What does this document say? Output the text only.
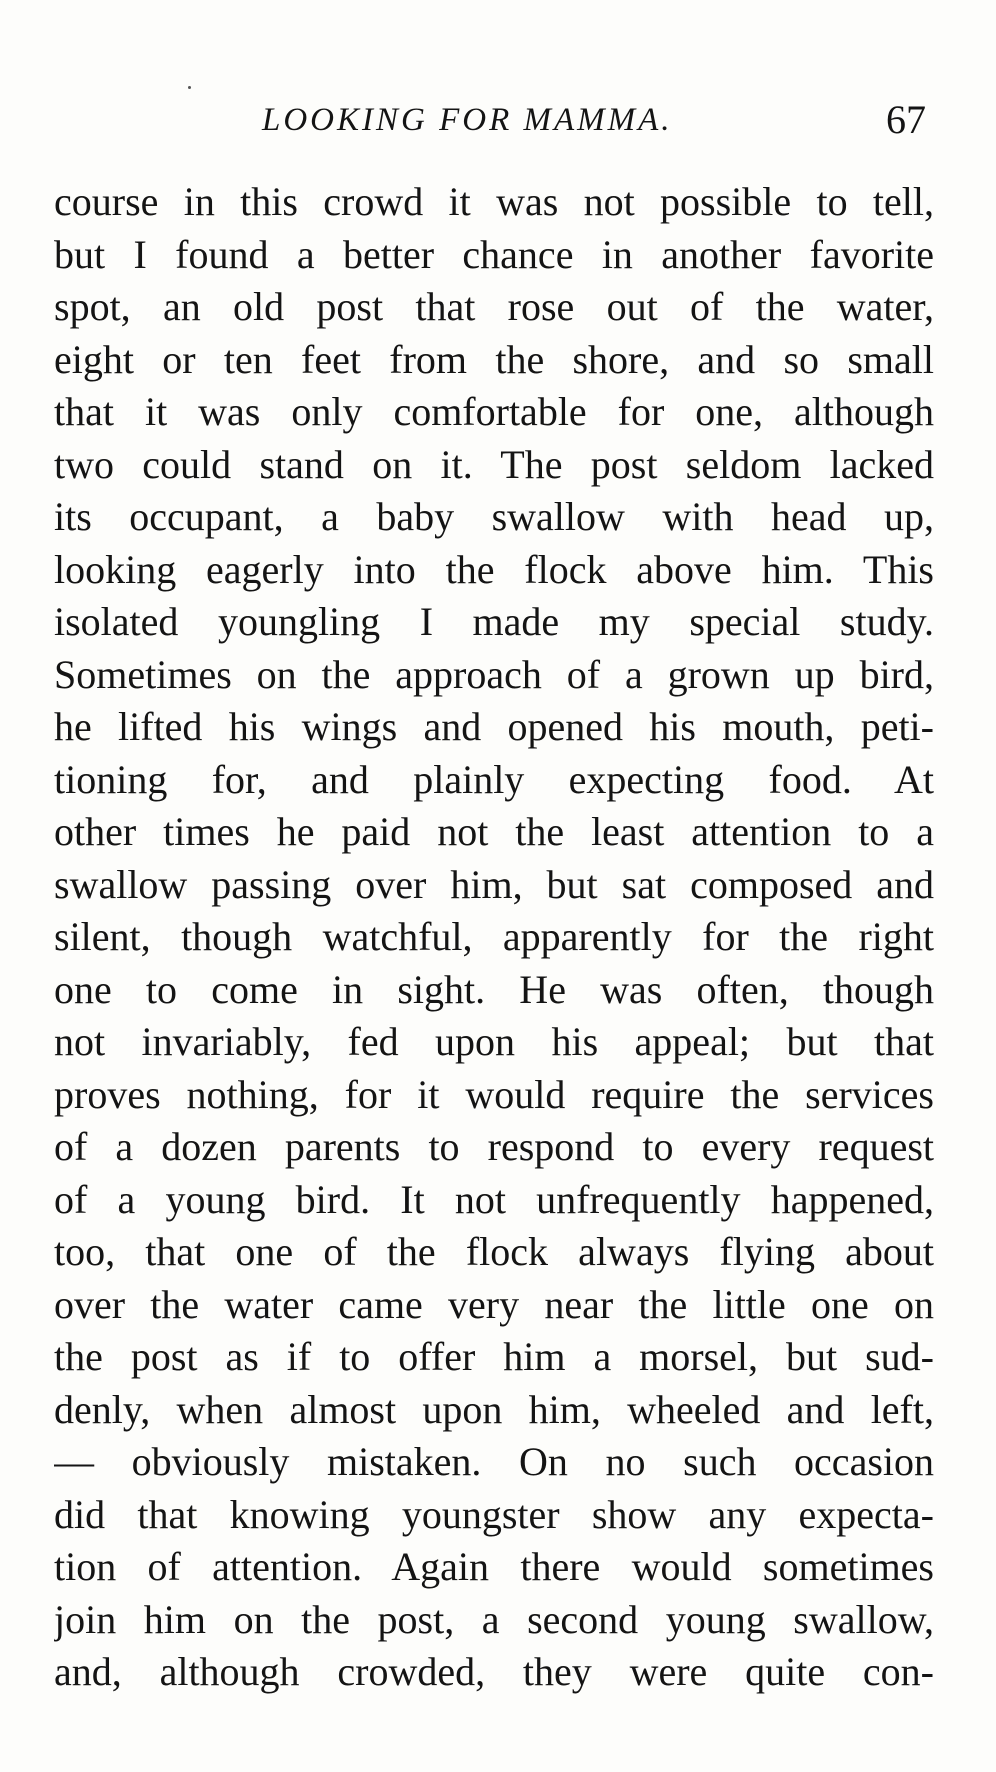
LOOKING FOR MAMMA.	67
course in this crowd it was not possible to tell,
but I found a better chance in another favorite
spot, an old post that rose out of the water,
eight or ten feet from the shore, and so small
that it was only comfortable for one, although
two could stand on it. The post seldom lacked
its occupant, a baby swallow with head up,
looking eagerly into the flock above him. This
isolated youngling I made my special study.
Sometimes on the approach of a grown up bird,
he lifted his wings and opened his mouth, peti-
tioning for, and plainly expecting food. At
other times he paid not the least attention to a
swallow passing over him, but sat composed and
silent, though watchful, apparently for the right
one to come in sight. He was often, though
not invariably, fed upon his appeal; but that
proves nothing, for it would require the services
of a dozen parents to respond to every request
of a young bird. It not unfrequently happened,
too, that one of the flock always flying about
over the water came very near the little one on
the post as if to offer him a morsel, but sud-
denly, when almost upon him, wheeled and left,
— obviously mistaken. On no such occasion
did that knowing youngster show any expecta-
tion of attention. Again there would sometimes
join him on the post, a second young swallow,
and, although crowded, they were quite con-
